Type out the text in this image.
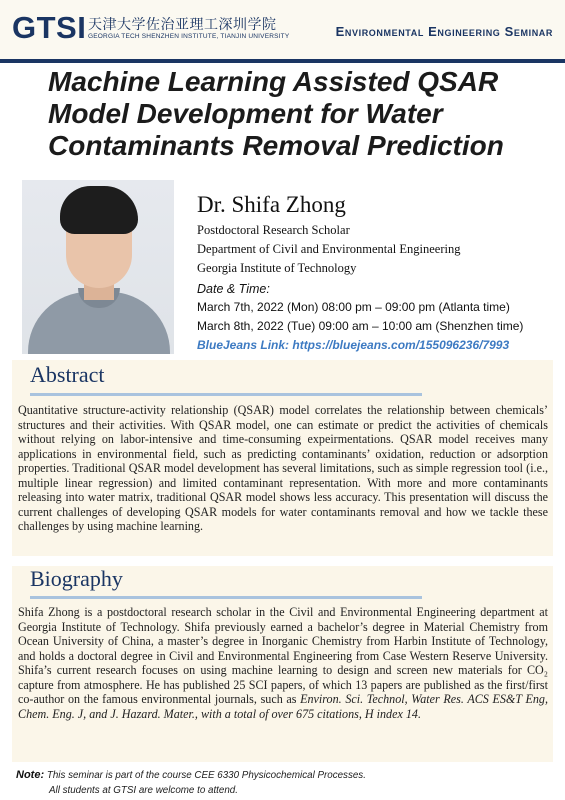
GTSI 天津大学佐治亚理工深圳学院
GEORGIA TECH SHENZHEN INSTITUTE, TIANJIN UNIVERSITY	Environmental Engineering Seminar
Machine Learning Assisted QSAR Model Development for Water Contaminants Removal Prediction
Dr. Shifa Zhong
Postdoctoral Research Scholar
Department of Civil and Environmental Engineering
Georgia Institute of Technology
Date & Time:
March 7th, 2022 (Mon) 08:00 pm – 09:00 pm (Atlanta time)
March 8th, 2022 (Tue) 09:00 am – 10:00 am (Shenzhen time)
BlueJeans Link: https://bluejeans.com/155096236/7993
Abstract
Quantitative structure-activity relationship (QSAR) model correlates the relationship between chemicals’ structures and their activities. With QSAR model, one can estimate or predict the activities of chemicals without relying on labor-intensive and time-consuming expeirmentations. QSAR model receives many applications in environmental field, such as predicting contaminants’ oxidation, reduction or adsorption properties. Traditional QSAR model development has several limitations, such as simple regression tool (i.e., multiple linear regression) and limited contaminant representation. With more and more contaminants releasing into water matrix, traditional QSAR model shows less accuracy. This presentation will discuss the current challenges of developing QSAR models for water contaminants removal and how we tackle these challenges by using machine learning.
Biography
Shifa Zhong is a postdoctoral research scholar in the Civil and Environmental Engineering department at Georgia Institute of Technology. Shifa previously earned a bachelor’s degree in Material Chemistry from Ocean University of China, a master’s degree in Inorganic Chemistry from Harbin Institute of Technology, and holds a doctoral degree in Civil and Environmental Engineering from Case Western Reserve University. Shifa’s current research focuses on using machine learning to design and screen new materials for CO₂ capture from atmosphere. He has published 25 SCI papers, of which 13 papers are published as the first/first co-author on the famous environmental journals, such as Environ. Sci. Technol, Water Res. ACS ES&T Eng, Chem. Eng. J, and J. Hazard. Mater., with a total of over 675 citations, H index 14.
Note: This seminar is part of the course CEE 6330 Physicochemical Processes.
All students at GTSI are welcome to attend.
